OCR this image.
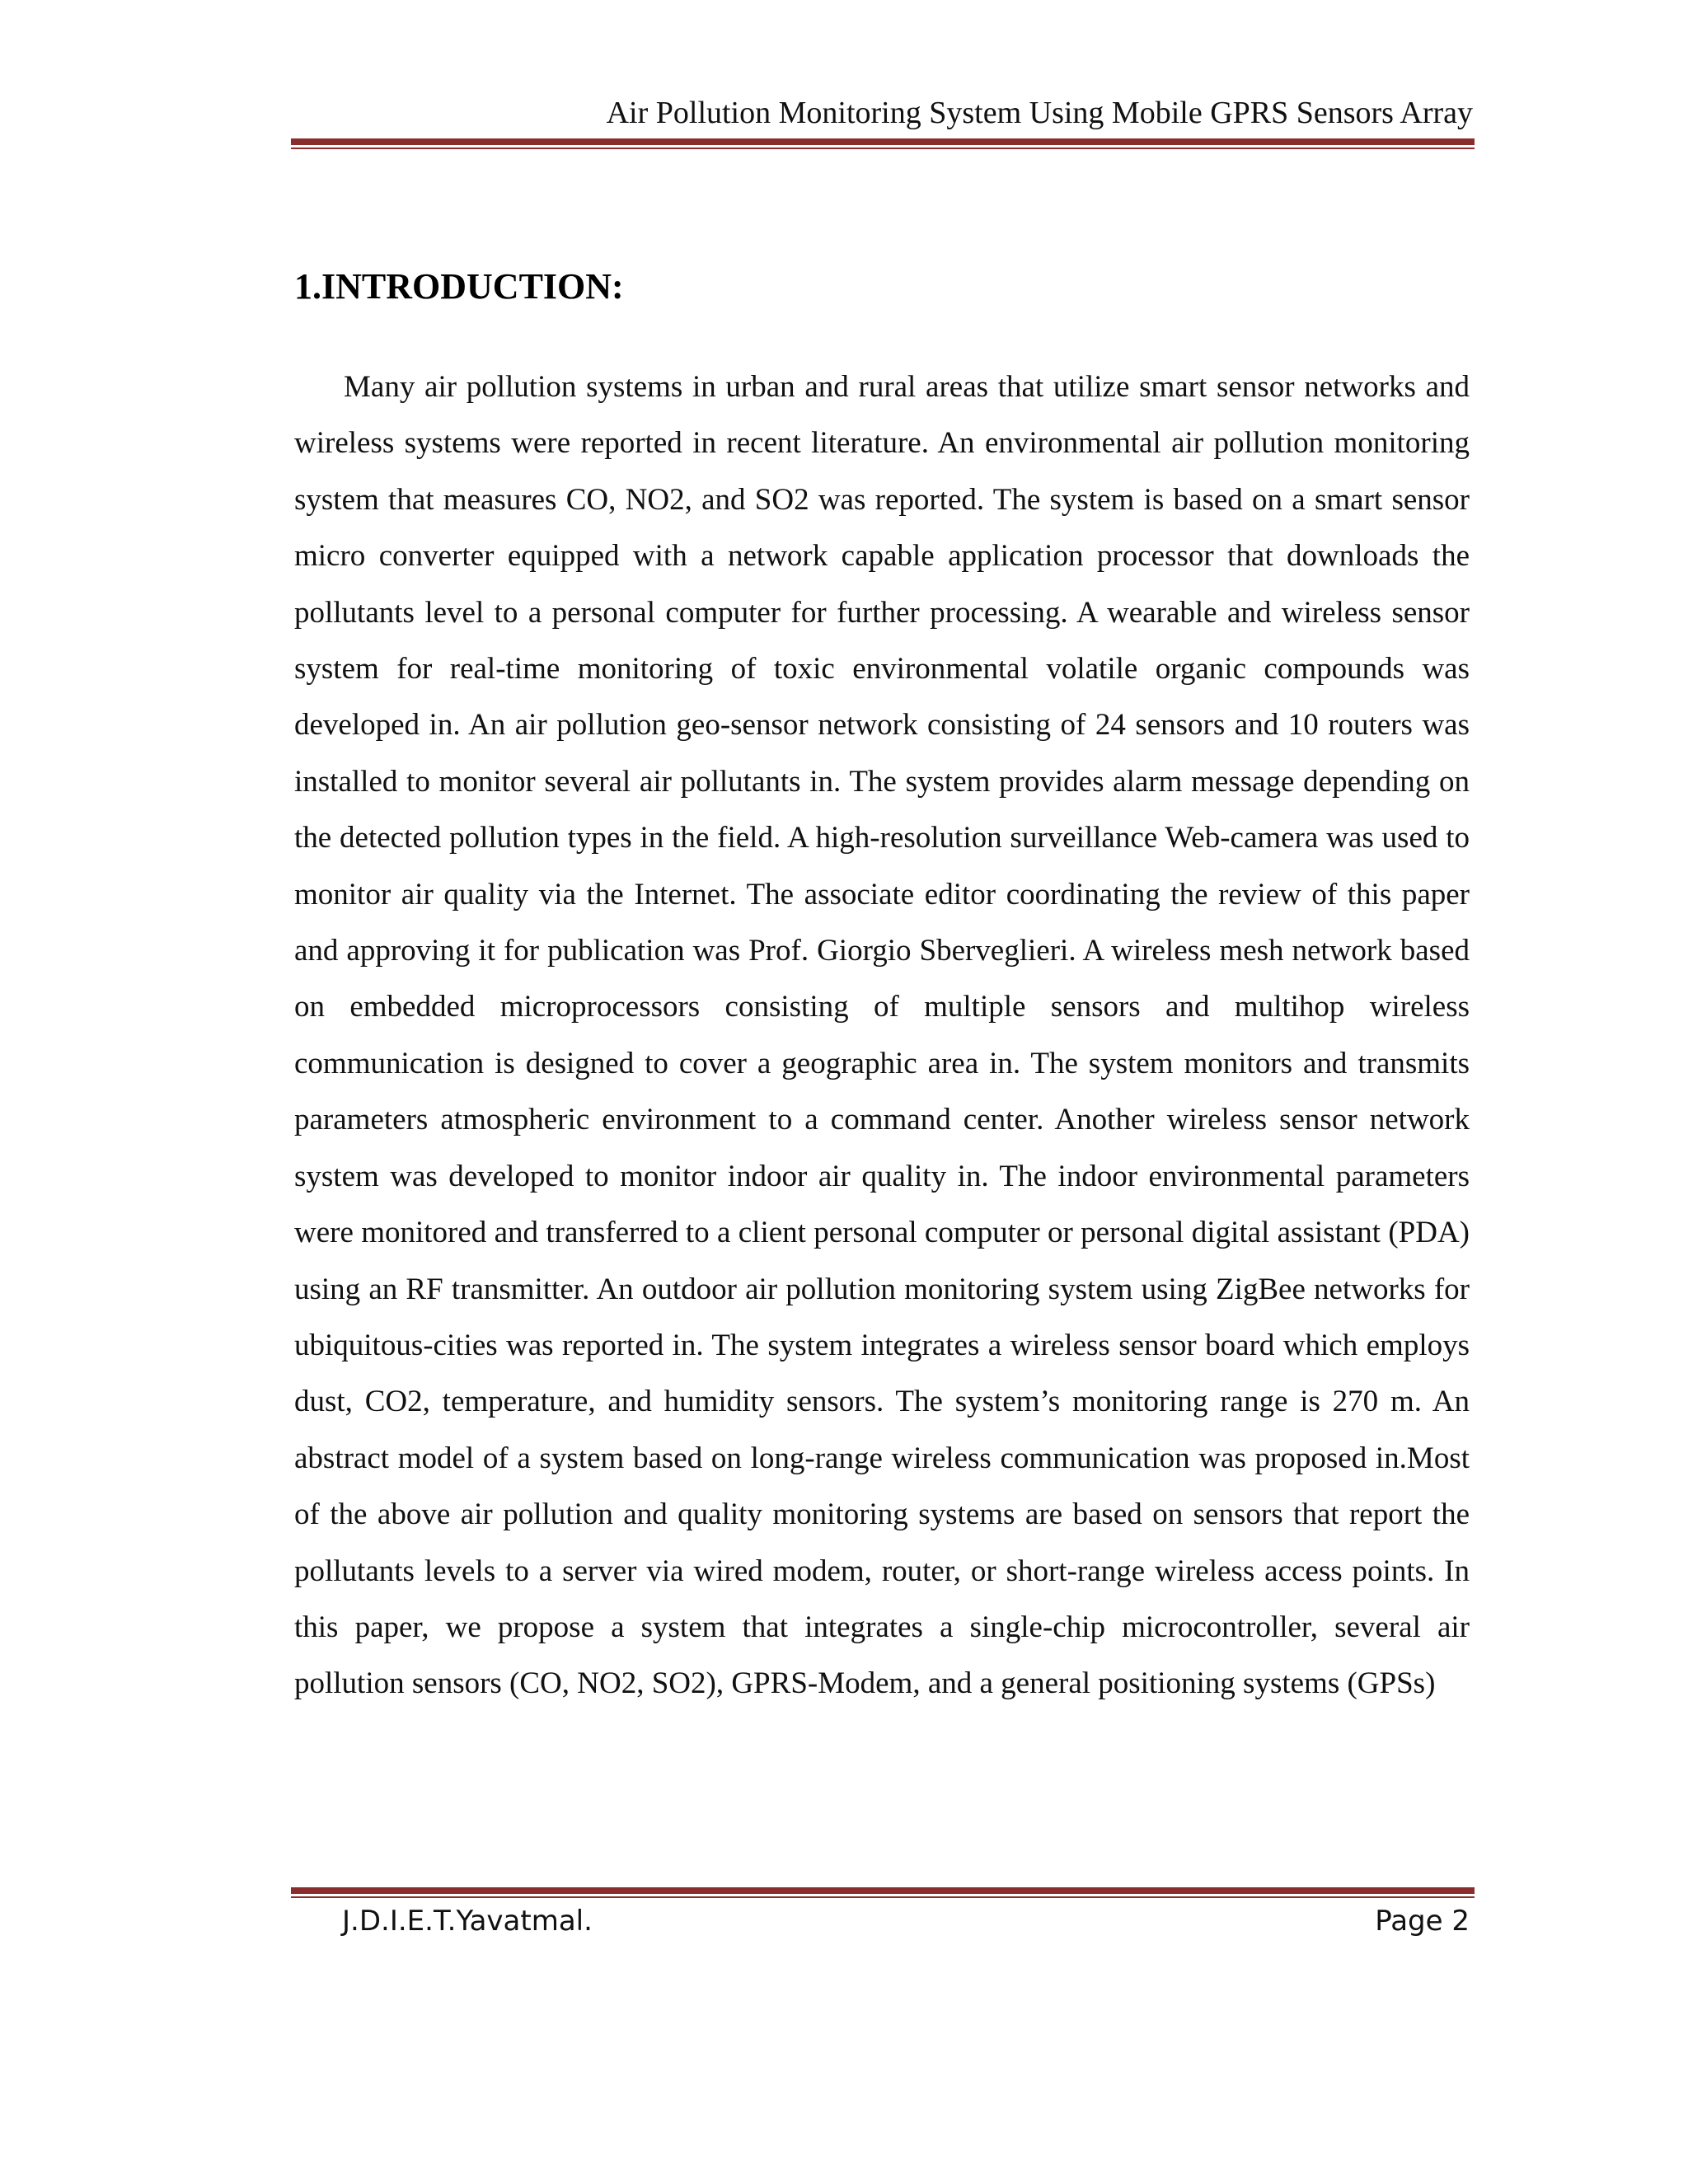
Air Pollution Monitoring System Using Mobile GPRS Sensors Array
1.INTRODUCTION:
Many air pollution systems in urban and rural areas that utilize smart sensor networks and wireless systems were reported in recent literature. An environmental air pollution monitoring system that measures CO, NO2, and SO2 was reported. The system is based on a smart sensor micro converter equipped with a network capable application processor that downloads the pollutants level to a personal computer for further processing. A wearable and wireless sensor system for real-time monitoring of toxic environmental volatile organic compounds was developed in. An air pollution geo-sensor network consisting of 24 sensors and 10 routers was installed to monitor several air pollutants in. The system provides alarm message depending on the detected pollution types in the field. A high-resolution surveillance Web-camera was used to monitor air quality via the Internet. The associate editor coordinating the review of this paper and approving it for publication was Prof. Giorgio Sberveglieri. A wireless mesh network based on embedded microprocessors consisting of multiple sensors and multihop wireless communication is designed to cover a geographic area in. The system monitors and transmits parameters atmospheric environment to a command center. Another wireless sensor network system was developed to monitor indoor air quality in. The indoor environmental parameters were monitored and transferred to a client personal computer or personal digital assistant (PDA) using an RF transmitter. An outdoor air pollution monitoring system using ZigBee networks for ubiquitous-cities was reported in. The system integrates a wireless sensor board which employs dust, CO2, temperature, and humidity sensors. The system’s monitoring range is 270 m. An abstract model of a system based on long-range wireless communication was proposed in.Most of the above air pollution and quality monitoring systems are based on sensors that report the pollutants levels to a server via wired modem, router, or short-range wireless access points. In this paper, we propose a system that integrates a single-chip microcontroller, several air pollution sensors (CO, NO2, SO2), GPRS-Modem, and a general positioning systems (GPSs)
J.D.I.E.T.Yavatmal.	Page 2
